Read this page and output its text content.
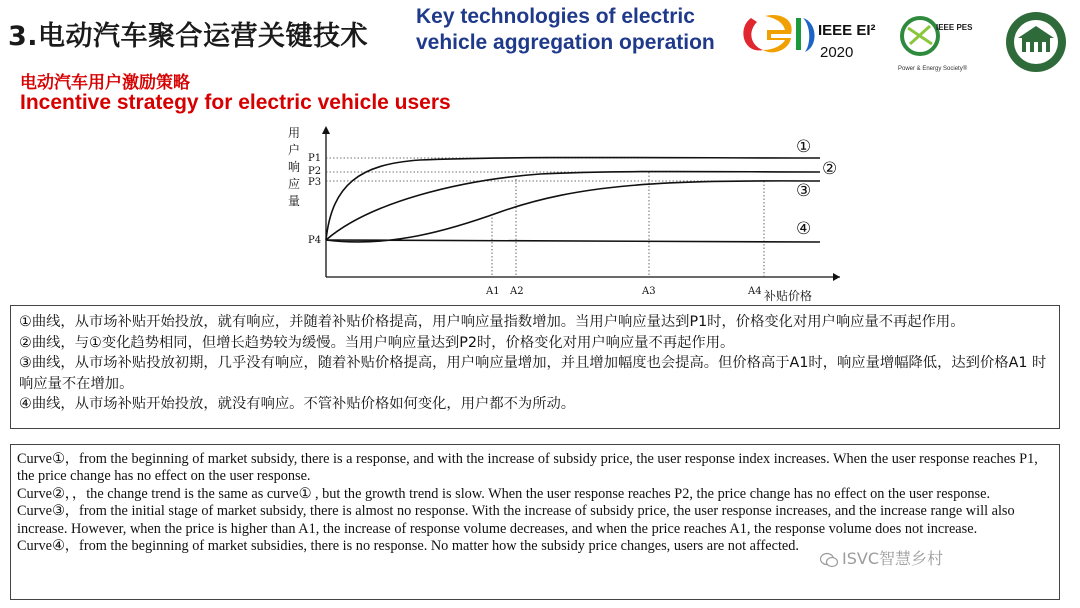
3.电动汽车聚合运营关键技术
Key technologies of electric vehicle aggregation operation
IEEE EI²
2020
IEEE PES
Power & Energy Society®
电动汽车用户激励策略
Incentive strategy for electric vehicle users
用 户 响 应 量
P1
P2
P3
P4
A1 A2	A3	A4 补贴价格
①
②
③
④

①曲线，从市场补贴开始投放，就有响应，并随着补贴价格提高，用户响应量指数增加。当用户响应量达到P1时，价格变化对用户响应量不再起作用。

②曲线，与①变化趋势相同，但增长趋势较为缓慢。当用户响应量达到P2时，价格变化对用户响应量不再起作用。

③曲线，从市场补贴投放初期，几乎没有响应，随着补贴价格提高，用户响应量增加，并且增加幅度也会提高。但价格高于A1时，响应量增幅降低，达到价格A1 时响应量不在增加。

④曲线，从市场补贴开始投放，就没有响应。不管补贴价格如何变化，用户都不为所动。

Curve①，from the beginning of market subsidy, there is a response, and with the increase of subsidy price, the user response index increases. When the user response reaches P1, the price change has no effect on the user response.

Curve②，，the change trend is the same as curve① , but the growth trend is slow. When the user response reaches P2, the price change has no effect on the user response.

Curve③，from the initial stage of market subsidy, there is almost no response. With the increase of subsidy price, the user response increases, and the increase range will also increase. However, when the price is higher than A1, the increase of response volume decreases, and when the price reaches A1, the response volume does not increase.

Curve④，from the beginning of market subsidies, there is no response. No matter how the subsidy price changes, users are not affected.

ISVC智慧乡村
